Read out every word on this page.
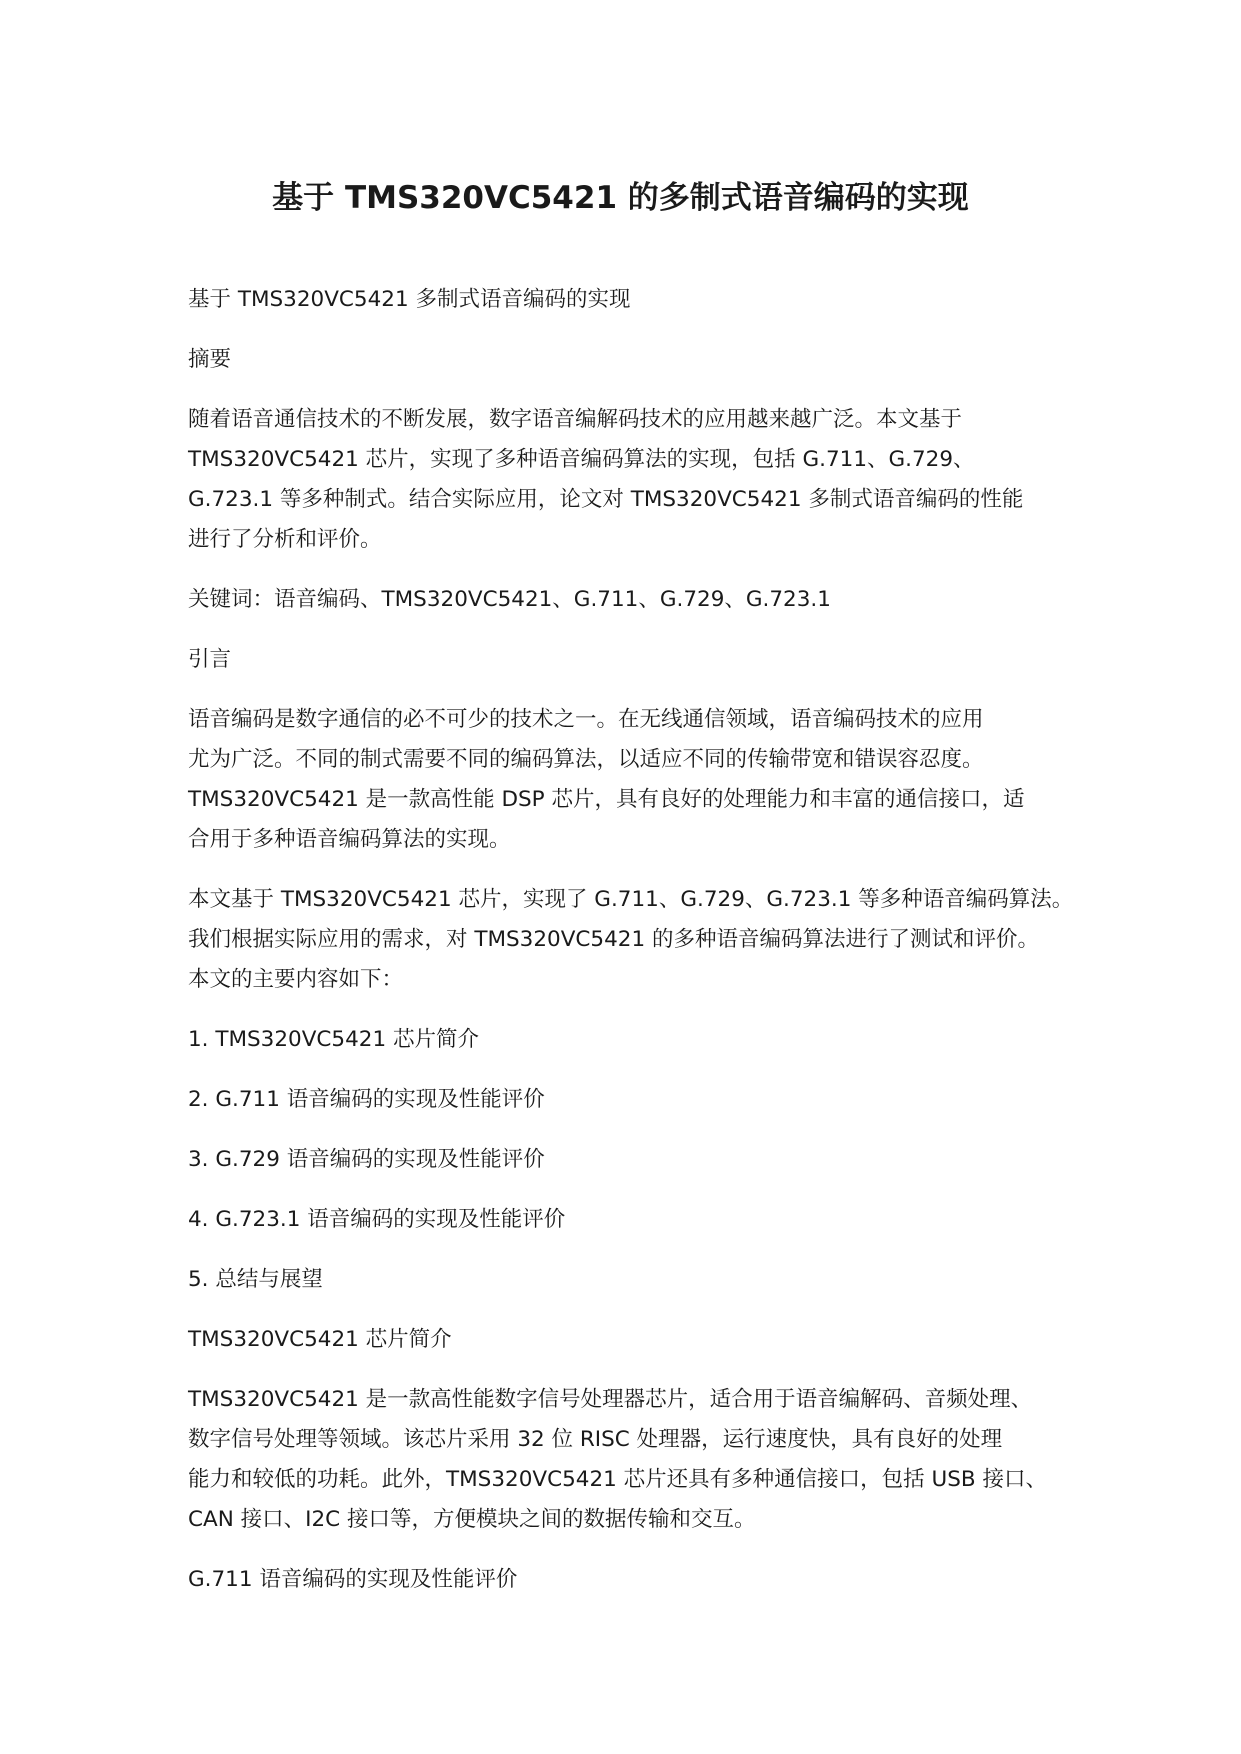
基于 TMS320VC5421 的多制式语音编码的实现

基于 TMS320VC5421 多制式语音编码的实现

摘要

随着语音通信技术的不断发展，数字语音编解码技术的应用越来越广泛。本文基于
TMS320VC5421 芯片，实现了多种语音编码算法的实现，包括 G.711、G.729、
G.723.1 等多种制式。结合实际应用，论文对 TMS320VC5421 多制式语音编码的性能
进行了分析和评价。

关键词：语音编码、TMS320VC5421、G.711、G.729、G.723.1

引言

语音编码是数字通信的必不可少的技术之一。在无线通信领域，语音编码技术的应用
尤为广泛。不同的制式需要不同的编码算法，以适应不同的传输带宽和错误容忍度。
TMS320VC5421 是一款高性能 DSP 芯片，具有良好的处理能力和丰富的通信接口，适
合用于多种语音编码算法的实现。

本文基于 TMS320VC5421 芯片，实现了 G.711、G.729、G.723.1 等多种语音编码算法。
我们根据实际应用的需求，对 TMS320VC5421 的多种语音编码算法进行了测试和评价。
本文的主要内容如下：

1. TMS320VC5421 芯片简介

2. G.711 语音编码的实现及性能评价

3. G.729 语音编码的实现及性能评价

4. G.723.1 语音编码的实现及性能评价

5. 总结与展望

TMS320VC5421 芯片简介

TMS320VC5421 是一款高性能数字信号处理器芯片，适合用于语音编解码、音频处理、
数字信号处理等领域。该芯片采用 32 位 RISC 处理器，运行速度快，具有良好的处理
能力和较低的功耗。此外，TMS320VC5421 芯片还具有多种通信接口，包括 USB 接口、
CAN 接口、I2C 接口等，方便模块之间的数据传输和交互。

G.711 语音编码的实现及性能评价
